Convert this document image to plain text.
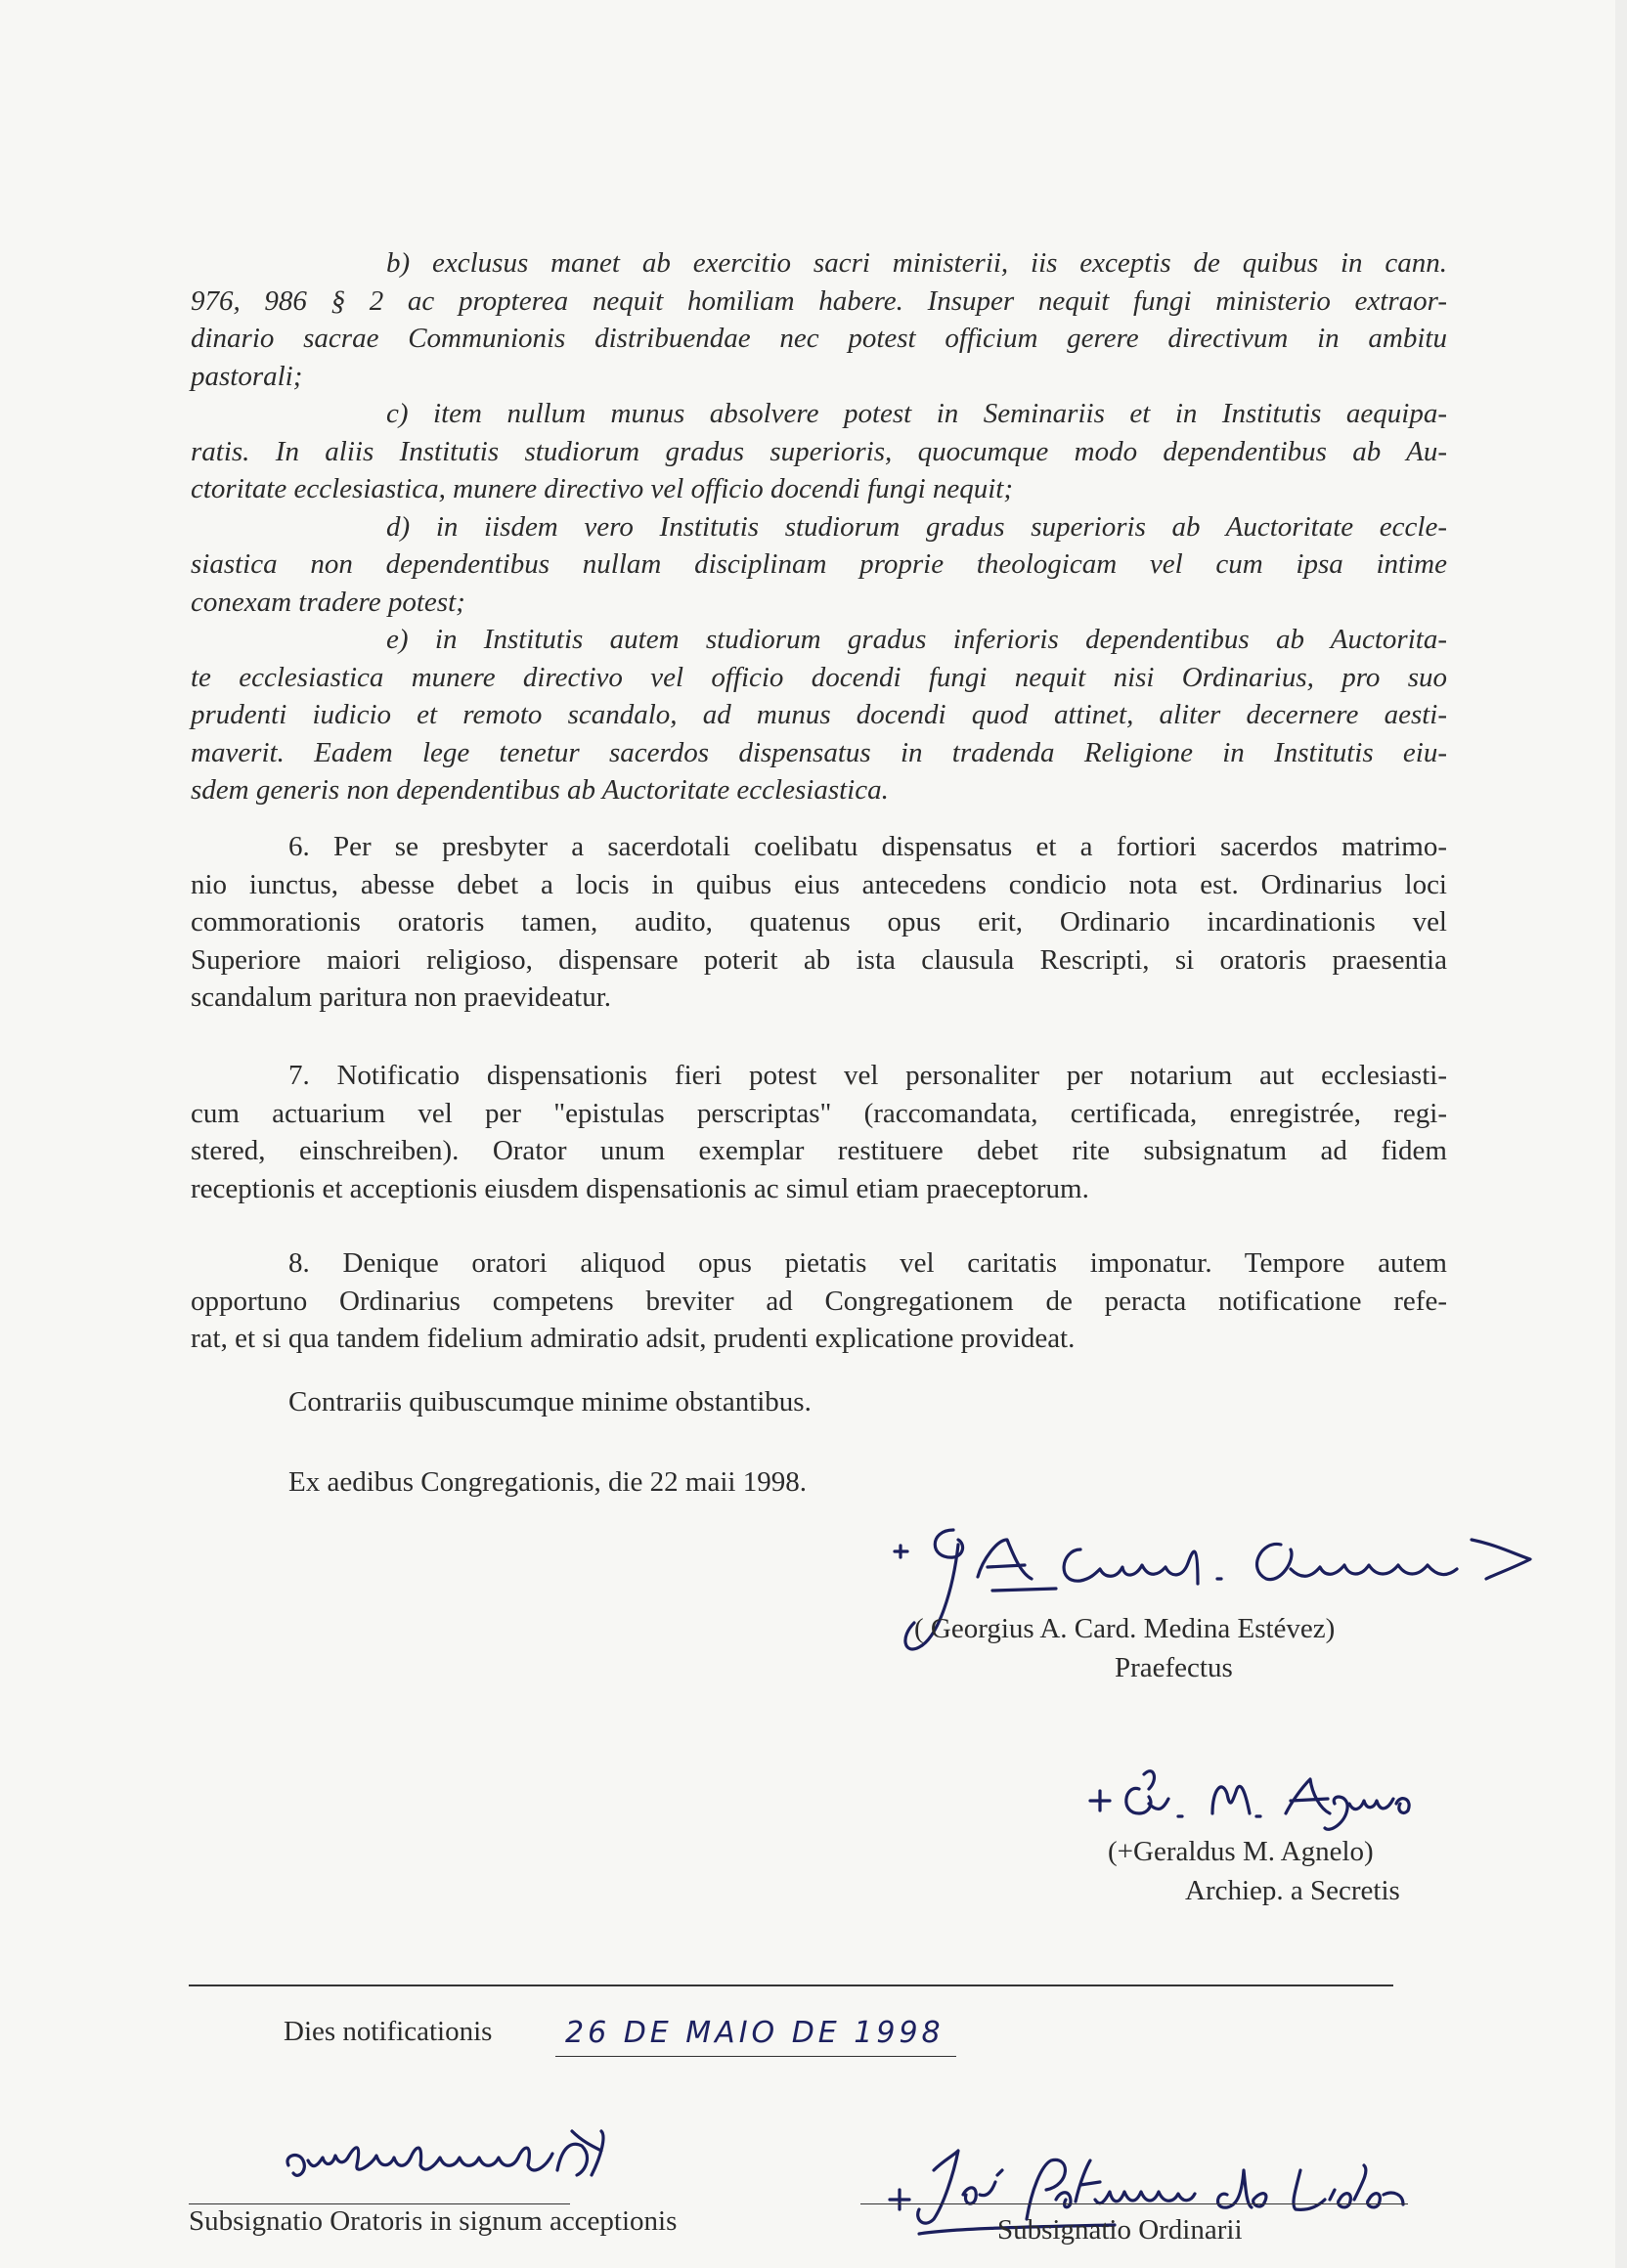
b) exclusus manet ab exercitio sacri ministerii, iis exceptis de quibus in cann.
976, 986 § 2 ac propterea nequit homiliam habere. Insuper nequit fungi ministerio extraor-
dinario sacrae Communionis distribuendae nec potest officium gerere directivum in ambitu
pastorali;
c) item nullum munus absolvere potest in Seminariis et in Institutis aequipa-
ratis. In aliis Institutis studiorum gradus superioris, quocumque modo dependentibus ab Au-
ctoritate ecclesiastica, munere directivo vel officio docendi fungi nequit;
d) in iisdem vero Institutis studiorum gradus superioris ab Auctoritate eccle-
siastica non dependentibus nullam disciplinam proprie theologicam vel cum ipsa intime
conexam tradere potest;
e) in Institutis autem studiorum gradus inferioris dependentibus ab Auctorita-
te ecclesiastica munere directivo vel officio docendi fungi nequit nisi Ordinarius, pro suo
prudenti iudicio et remoto scandalo, ad munus docendi quod attinet, aliter decernere aesti-
maverit. Eadem lege tenetur sacerdos dispensatus in tradenda Religione in Institutis eiu-
sdem generis non dependentibus ab Auctoritate ecclesiastica.
6. Per se presbyter a sacerdotali coelibatu dispensatus et a fortiori sacerdos matrimo-
nio iunctus, abesse debet a locis in quibus eius antecedens condicio nota est. Ordinarius loci
commorationis oratoris tamen, audito, quatenus opus erit, Ordinario incardinationis vel
Superiore maiori religioso, dispensare poterit ab ista clausula Rescripti, si oratoris praesentia
scandalum paritura non praevideatur.
7. Notificatio dispensationis fieri potest vel personaliter per notarium aut ecclesiasti-
cum actuarium vel per "epistulas perscriptas" (raccomandata, certificada, enregistrée, regi-
stered, einschreiben). Orator unum exemplar restituere debet rite subsignatum ad fidem
receptionis et acceptionis eiusdem dispensationis ac simul etiam praeceptorum.
8. Denique oratori aliquod opus pietatis vel caritatis imponatur. Tempore autem
opportuno Ordinarius competens breviter ad Congregationem de peracta notificatione refe-
rat, et si qua tandem fidelium admiratio adsit, prudenti explicatione provideat.
Contrariis quibuscumque minime obstantibus.
Ex aedibus Congregationis, die 22 maii 1998.
( Georgius A. Card. Medina Estévez)
Praefectus
(+Geraldus M. Agnelo)
Archiep. a Secretis
Dies notificationis 26 DE MAIO DE 1998
Subsignatio Oratoris in signum acceptionis	Subsignatio Ordinarii
